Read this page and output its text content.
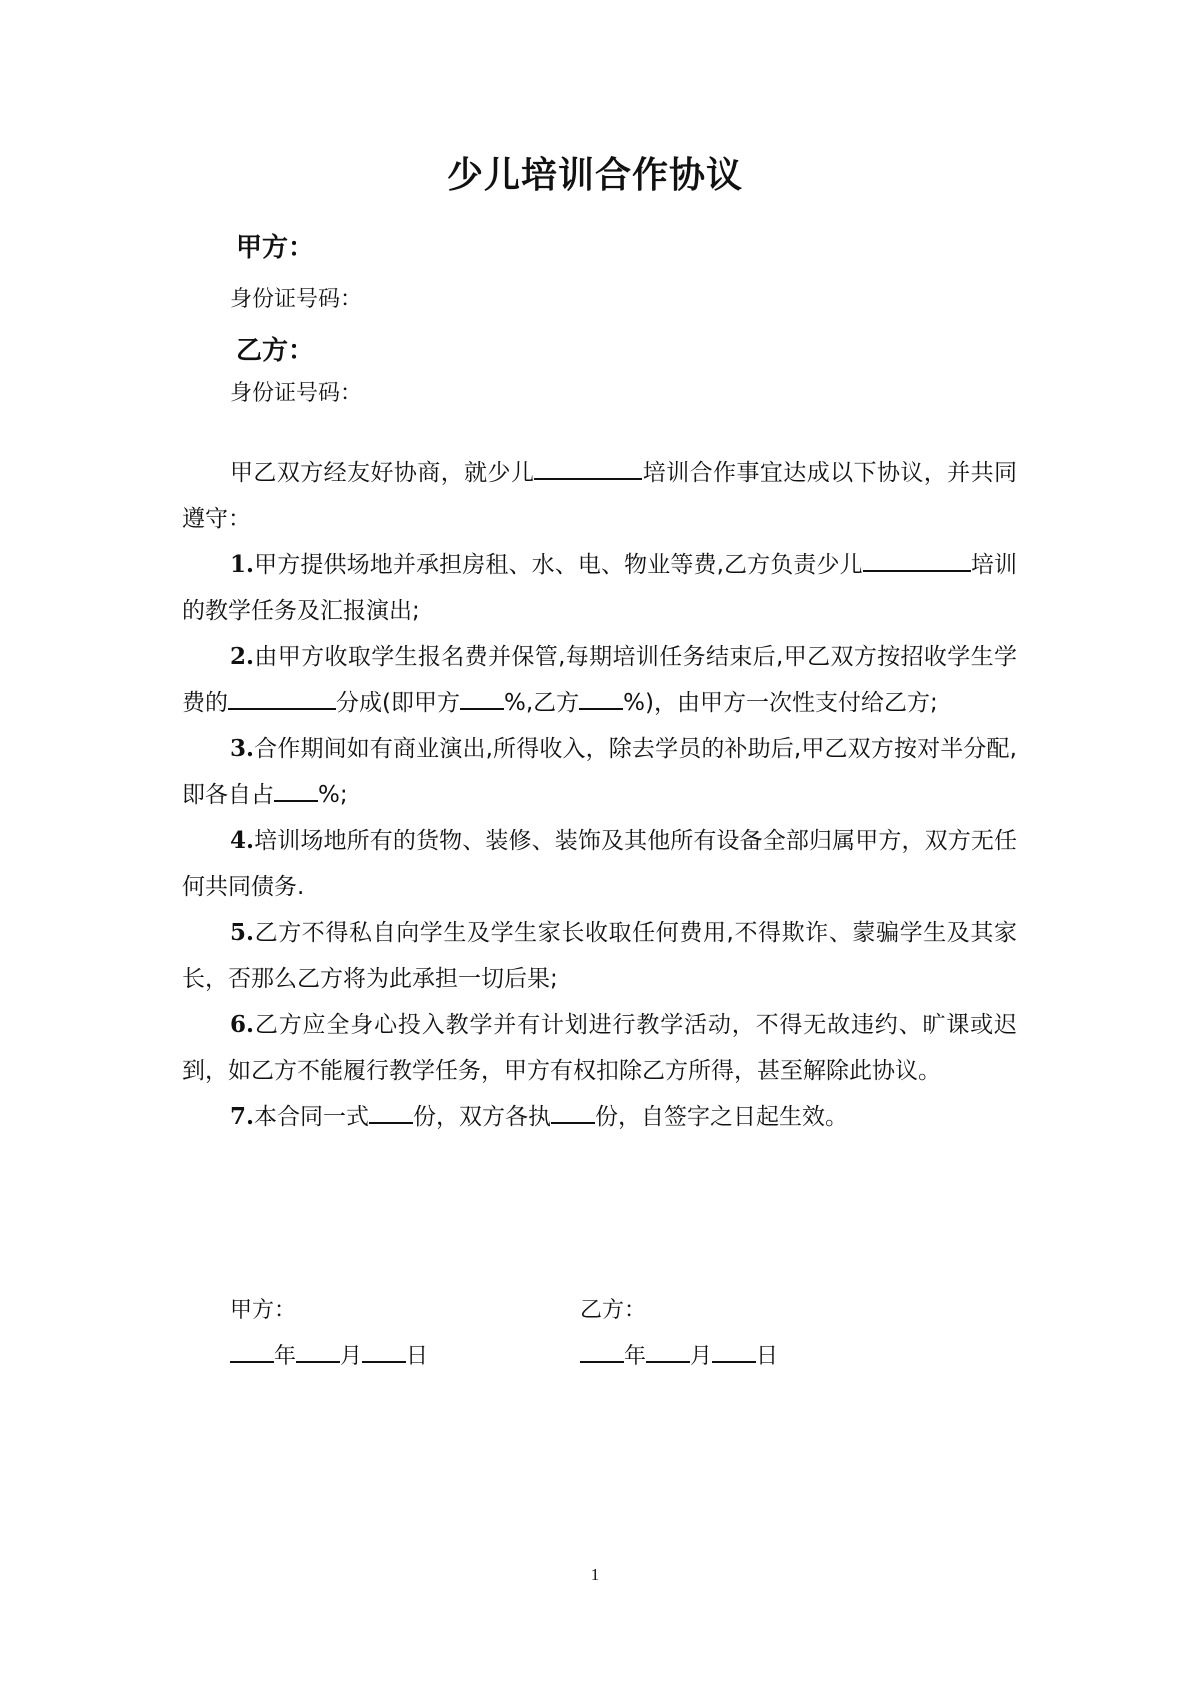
少儿培训合作协议
甲方：
身份证号码：
乙方：
身份证号码：

甲乙双方经友好协商，就少儿	培训合作事宜达成以下协议，并共同遵守：

1.甲方提供场地并承担房租、水、电、物业等费,乙方负责少儿	培训的教学任务及汇报演出;

2.由甲方收取学生报名费并保管,每期培训任务结束后,甲乙双方按招收学生学费的	分成(即甲方 %,乙方 %)，由甲方一次性支付给乙方;

3.合作期间如有商业演出,所得收入，除去学员的补助后,甲乙双方按对半分配,即各自占 %;

4.培训场地所有的货物、装修、装饰及其他所有设备全部归属甲方，双方无任何共同债务.

5.乙方不得私自向学生及学生家长收取任何费用,不得欺诈、蒙骗学生及其家长，否那么乙方将为此承担一切后果;

6.乙方应全身心投入教学并有计划进行教学活动，不得无故违约、旷课或迟到，如乙方不能履行教学任务，甲方有权扣除乙方所得，甚至解除此协议。

7.本合同一式 份，双方各执 份，自签字之日起生效。

甲方：
年 月 日
乙方：
年 月 日
1
